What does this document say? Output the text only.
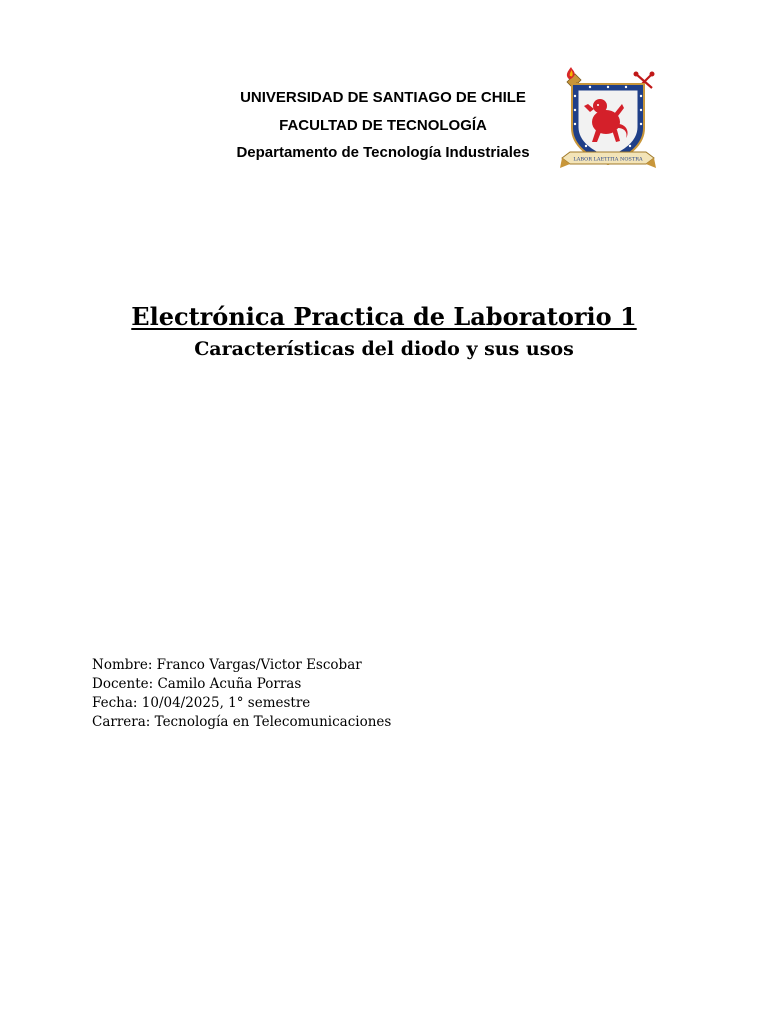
UNIVERSIDAD DE SANTIAGO DE CHILE
FACULTAD DE TECNOLOGÍA
Departamento de Tecnología Industriales	LABOR LAETITIA NOSTRA
Electrónica Practica de Laboratorio 1
Características del diodo y sus usos
Nombre: Franco Vargas/Victor Escobar
Docente: Camilo Acuña Porras
Fecha: 10/04/2025, 1° semestre
Carrera: Tecnología en Telecomunicaciones
